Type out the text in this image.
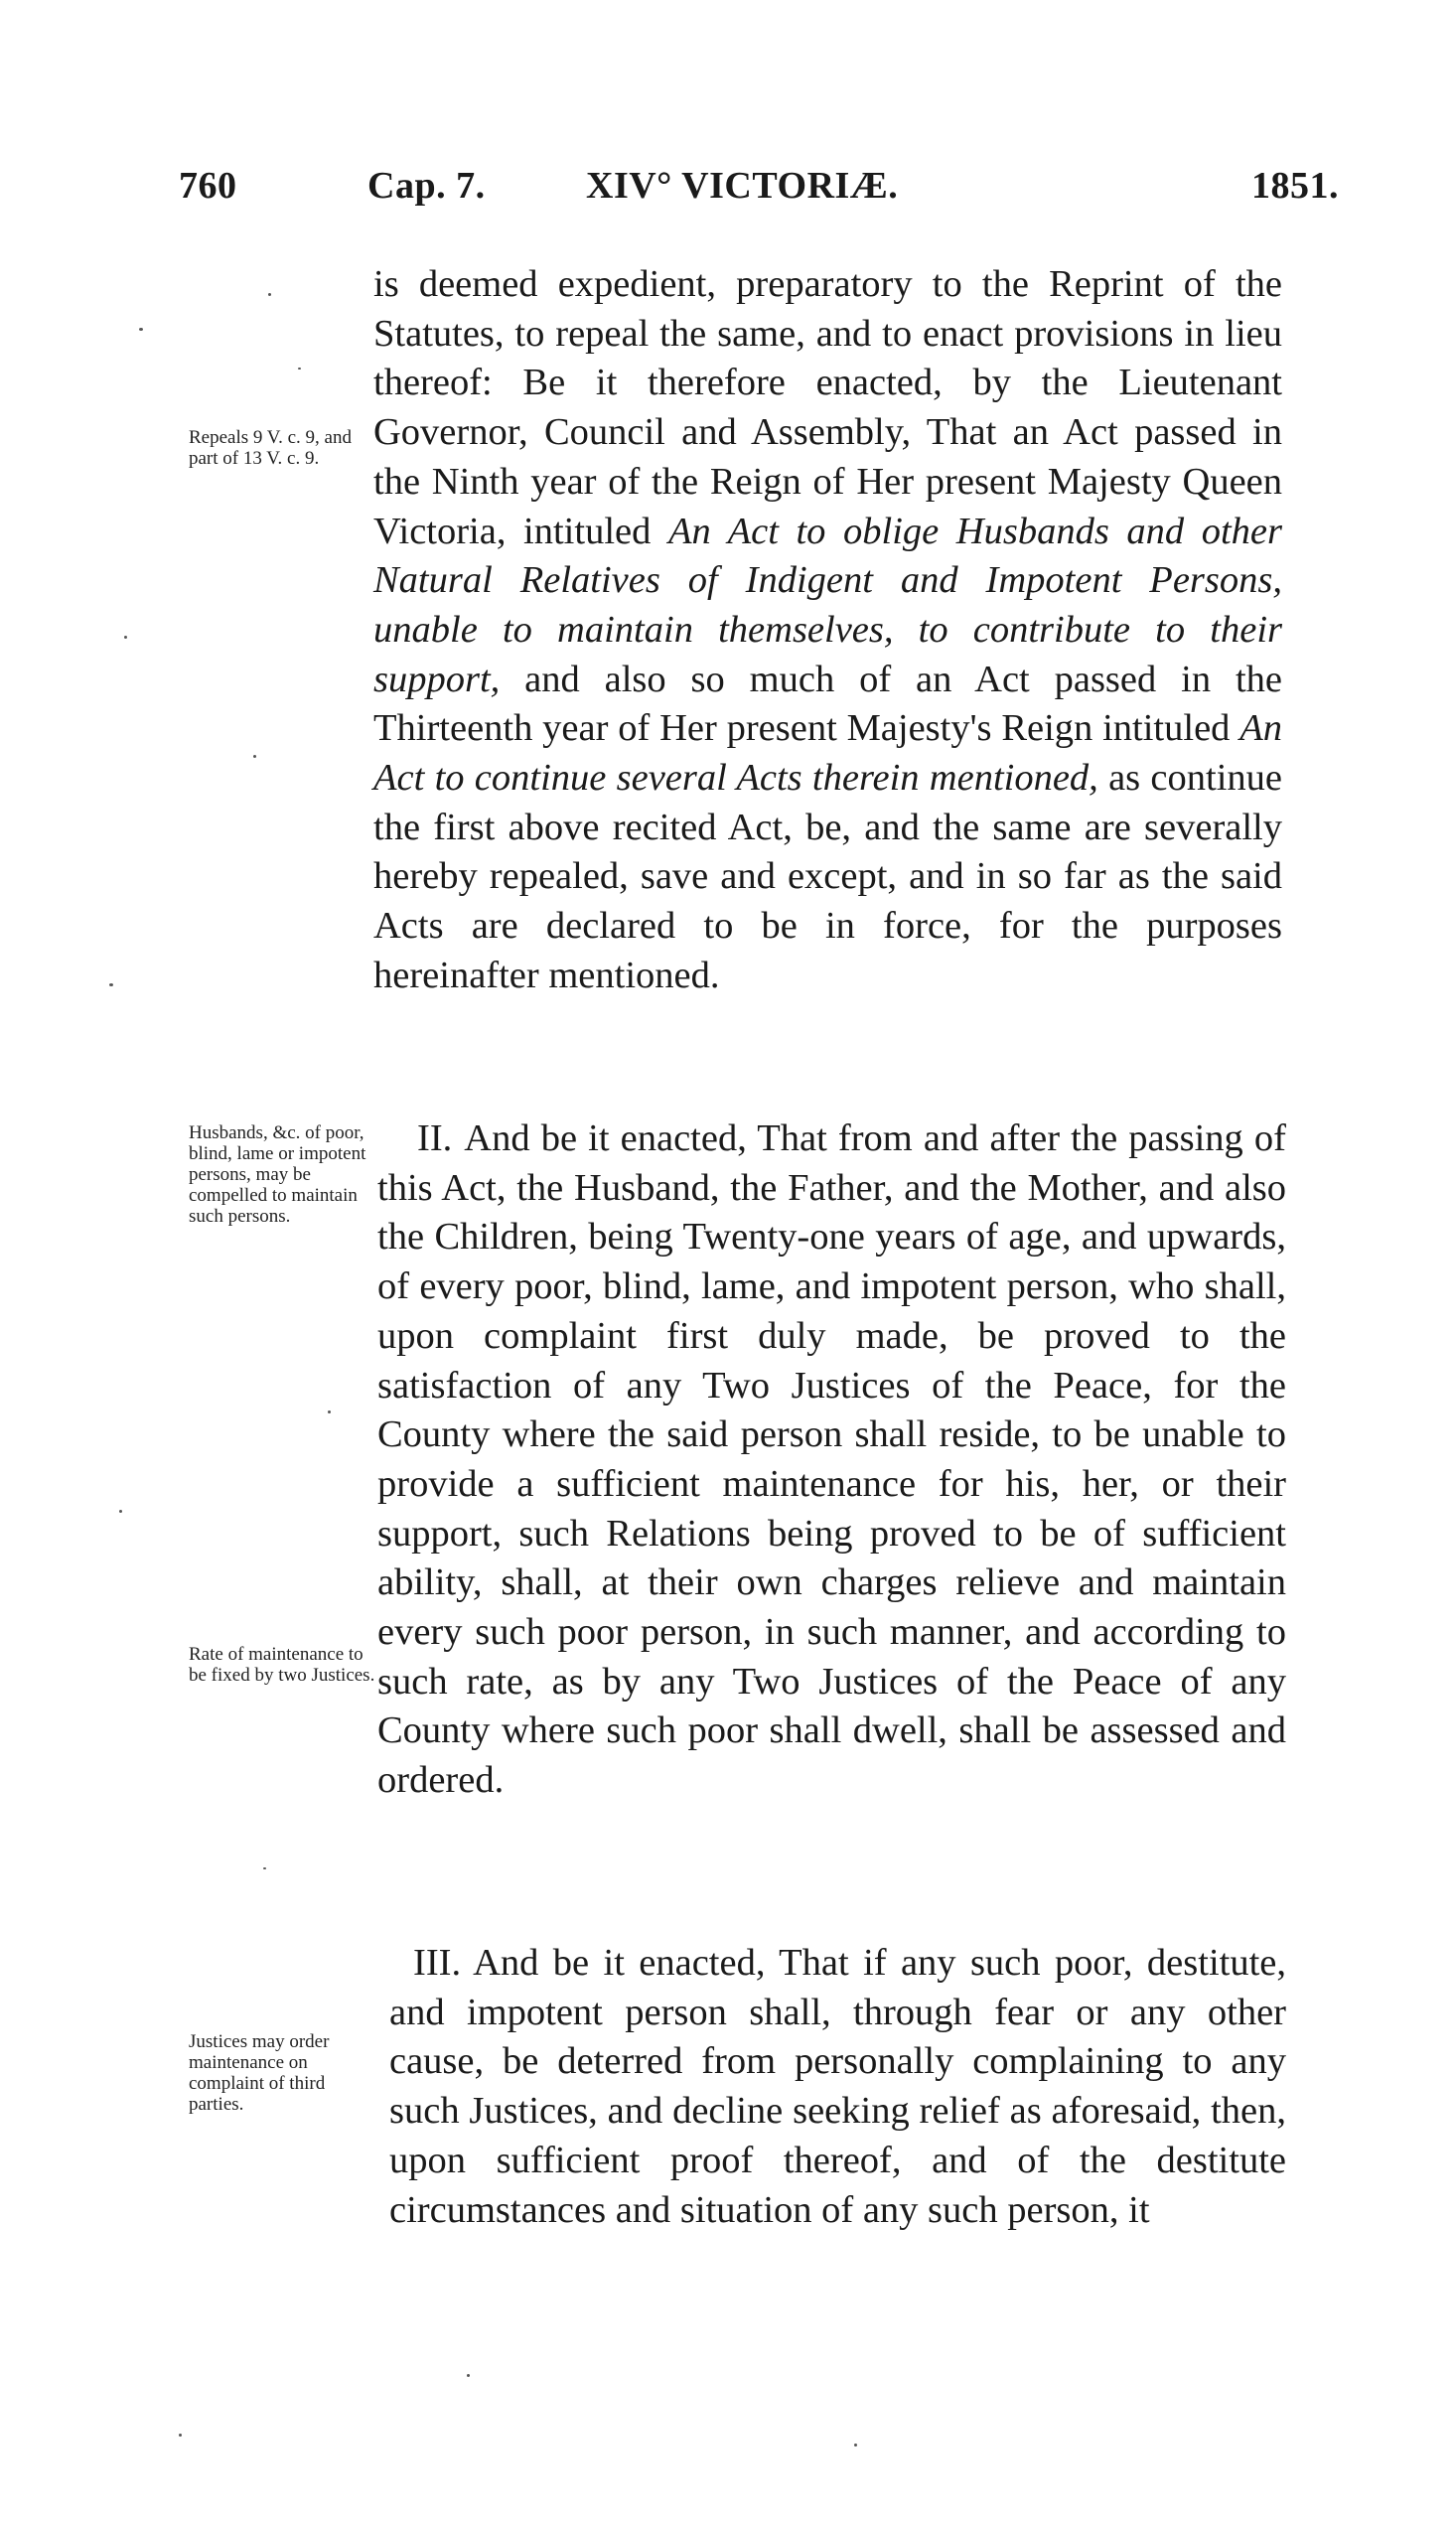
760	Cap. 7.	XIV° VICTORIÆ.	1851.
Repeals 9 V. c. 9, and part of 13 V. c. 9.
Husbands, &c. of poor, blind, lame or impotent persons, may be compelled to maintain such persons.
Rate of maintenance to be fixed by two Justices.
Justices may order maintenance on complaint of third parties.

is deemed expedient, preparatory to the Reprint of the Statutes, to repeal the same, and to enact provisions in lieu thereof: Be it therefore enacted, by the Lieutenant Governor, Council and Assembly, That an Act passed in the Ninth year of the Reign of Her present Majesty Queen Victoria, intituled An Act to oblige Husbands and other Natural Relatives of Indigent and Impotent Persons, unable to maintain themselves, to contribute to their support, and also so much of an Act passed in the Thirteenth year of Her present Majesty's Reign intituled An Act to continue several Acts therein mentioned, as continue the first above recited Act, be, and the same are severally hereby repealed, save and except, and in so far as the said Acts are declared to be in force, for the purposes hereinafter mentioned.

II. And be it enacted, That from and after the passing of this Act, the Husband, the Father, and the Mother, and also the Children, being Twenty-one years of age, and upwards, of every poor, blind, lame, and impotent person, who shall, upon complaint first duly made, be proved to the satisfaction of any Two Justices of the Peace, for the County where the said person shall reside, to be unable to provide a sufficient maintenance for his, her, or their support, such Relations being proved to be of sufficient ability, shall, at their own charges relieve and maintain every such poor person, in such manner, and according to such rate, as by any Two Justices of the Peace of any County where such poor shall dwell, shall be assessed and ordered.

III. And be it enacted, That if any such poor, destitute, and impotent person shall, through fear or any other cause, be deterred from personally complaining to any such Justices, and decline seeking relief as aforesaid, then, upon sufficient proof thereof, and of the destitute circumstances and situation of any such person, it
